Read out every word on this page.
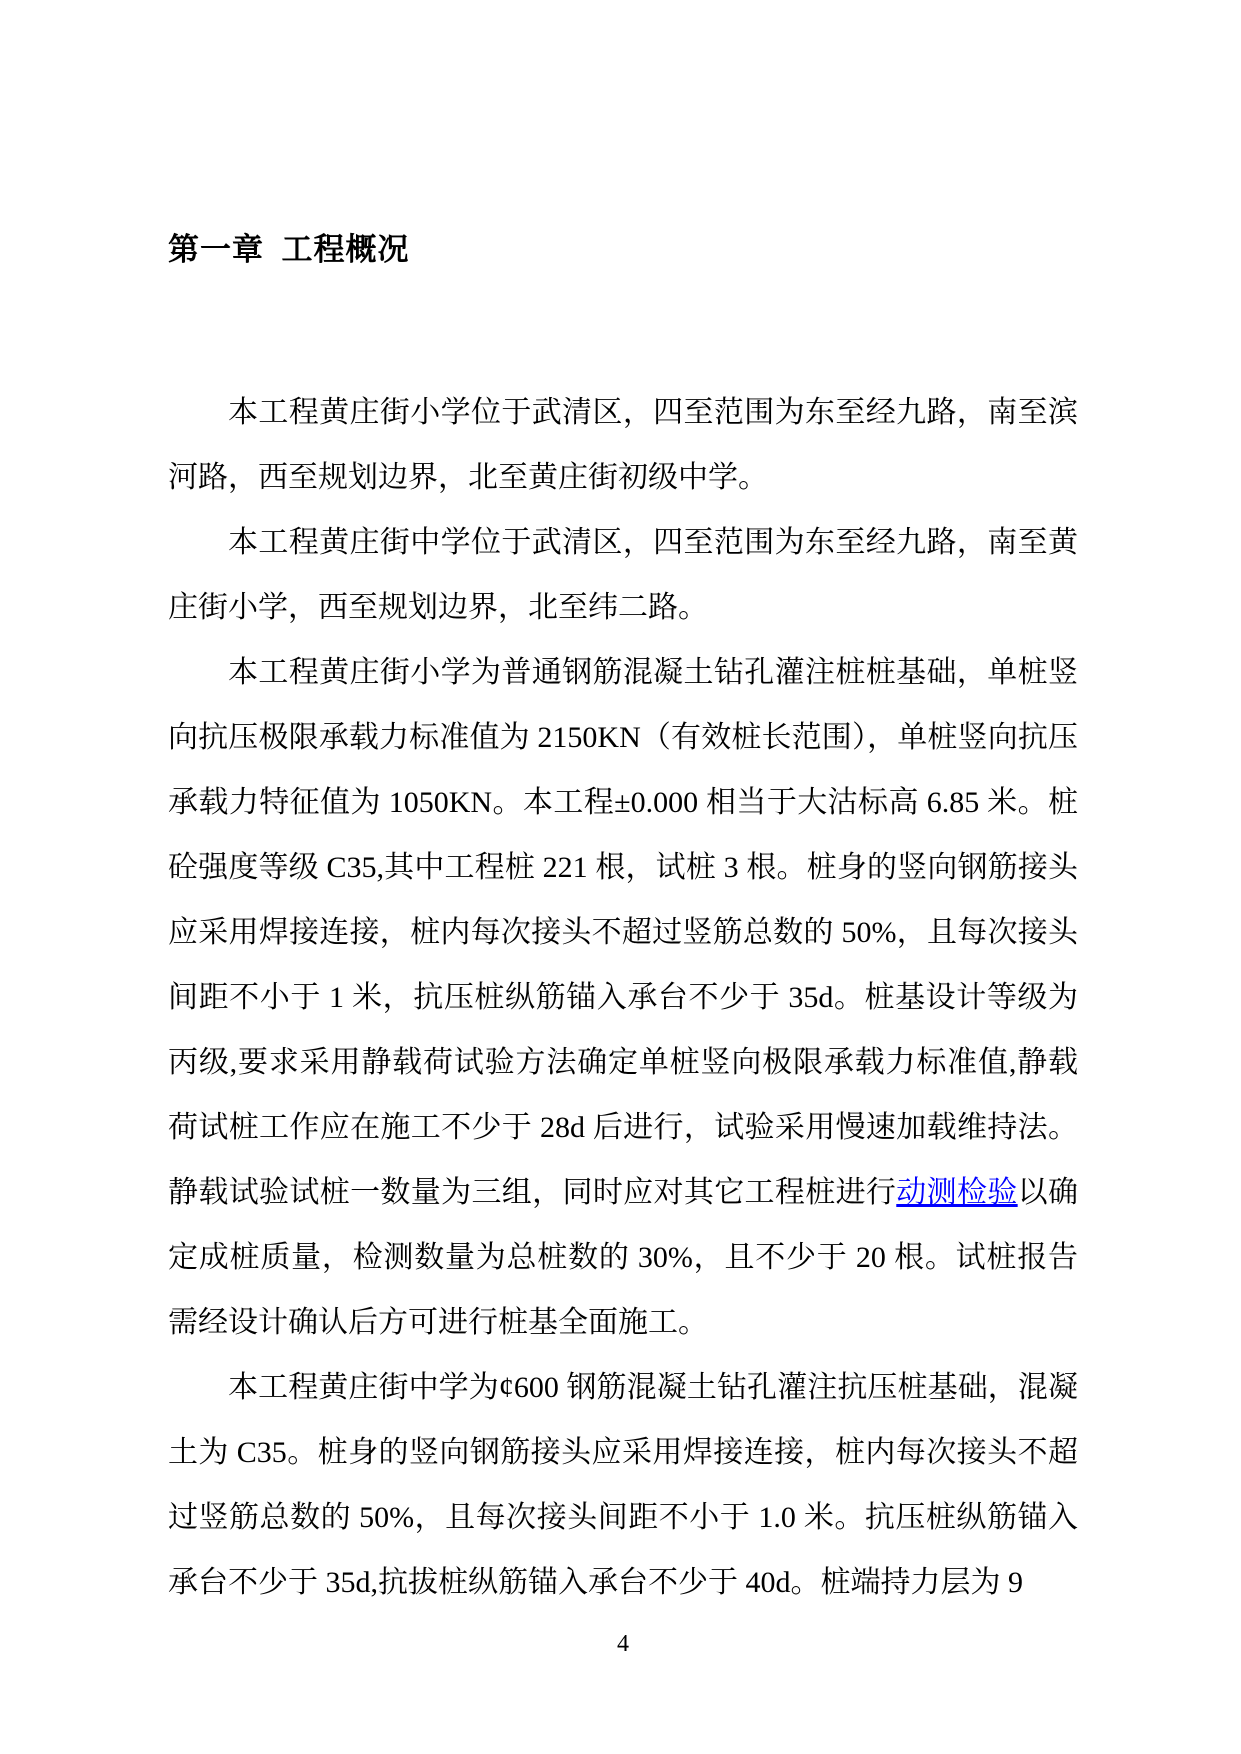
第一章  工程概况

本工程黄庄街小学位于武清区，四至范围为东至经九路，南至滨河路，西至规划边界，北至黄庄街初级中学。

本工程黄庄街中学位于武清区，四至范围为东至经九路，南至黄庄街小学，西至规划边界，北至纬二路。

本工程黄庄街小学为普通钢筋混凝土钻孔灌注桩桩基础，单桩竖向抗压极限承载力标准值为 2150KN（有效桩长范围），单桩竖向抗压承载力特征值为 1050KN。本工程±0.000 相当于大沽标高 6.85 米。桩砼强度等级 C35,其中工程桩 221 根，试桩 3 根。桩身的竖向钢筋接头应采用焊接连接，桩内每次接头不超过竖筋总数的 50%，且每次接头间距不小于 1 米，抗压桩纵筋锚入承台不少于 35d。桩基设计等级为丙级,要求采用静载荷试验方法确定单桩竖向极限承载力标准值,静载荷试桩工作应在施工不少于 28d 后进行，试验采用慢速加载维持法。静载试验试桩一数量为三组，同时应对其它工程桩进行动测检验以确定成桩质量，检测数量为总桩数的 30%，且不少于 20 根。试桩报告需经设计确认后方可进行桩基全面施工。

本工程黄庄街中学为¢600 钢筋混凝土钻孔灌注抗压桩基础，混凝土为 C35。桩身的竖向钢筋接头应采用焊接连接，桩内每次接头不超过竖筋总数的 50%，且每次接头间距不小于 1.0 米。抗压桩纵筋锚入承台不少于 35d,抗拔桩纵筋锚入承台不少于 40d。桩端持力层为 9

4
